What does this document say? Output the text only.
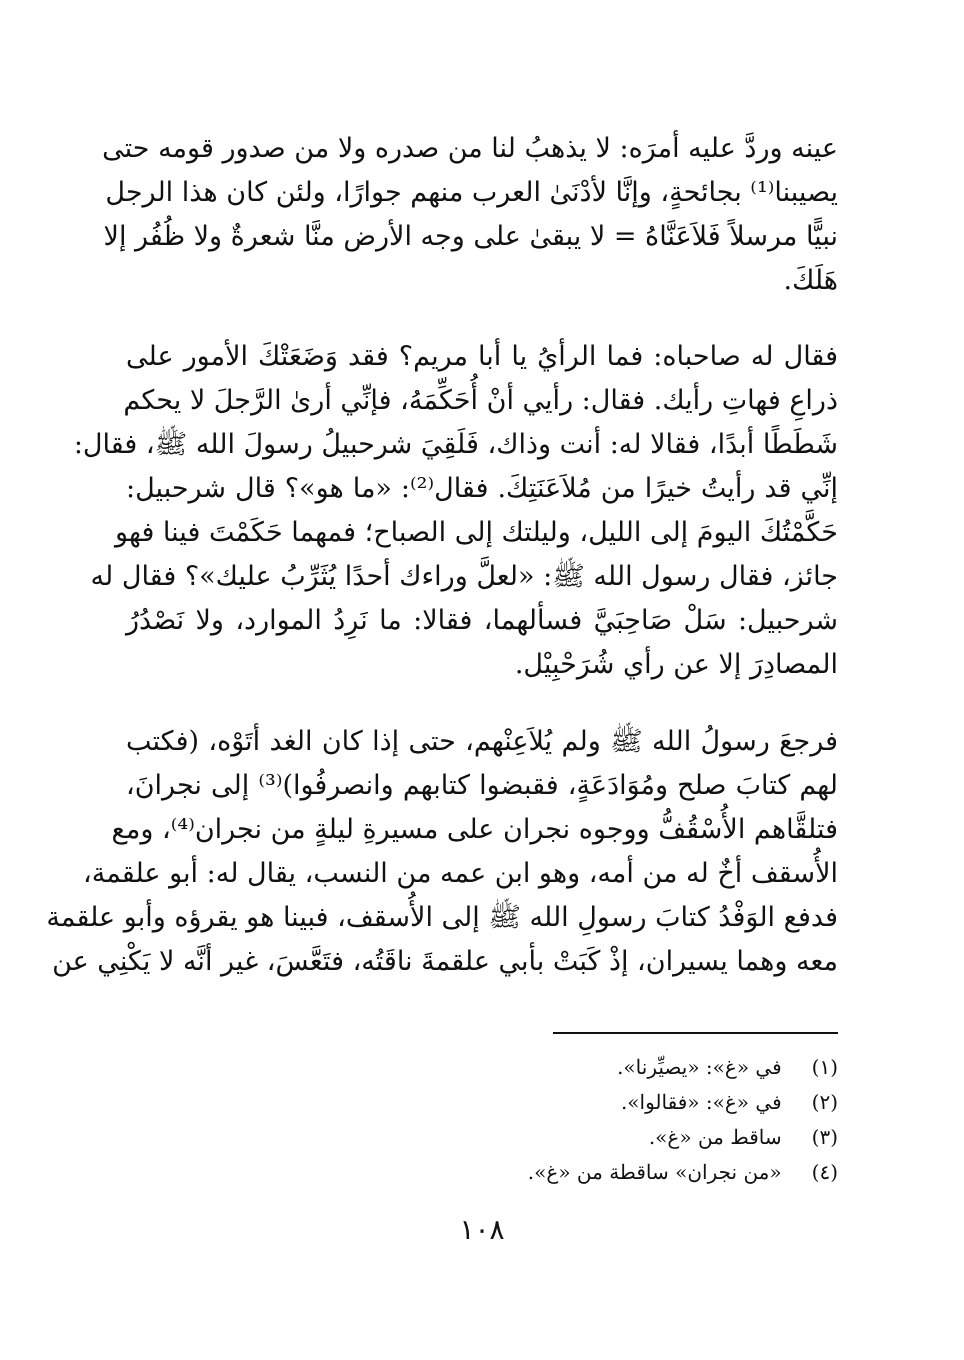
عينه وردَّ عليه أمرَه: لا يذهبُ لنا من صدره ولا من صدور قومه حتى
يصيبنا⁽¹⁾ بجائحةٍ، وإنَّا لأدْنَىٰ العرب منهم جوارًا، ولئن كان هذا الرجل
نبيًّا مرسلاً فَلاَعَنَّاهُ = لا يبقىٰ على وجه الأرض منَّا شعرةٌ ولا ظُفُر إلا
هَلَكَ.
فقال له صاحباه: فما الرأيُ يا أبا مريم؟ فقد وَضَعَتْكَ الأمور على
ذراعِ فهاتِ رأيك. فقال: رأيي أنْ أُحَكِّمَهُ، فإنِّي أرىٰ الرَّجلَ لا يحكم
شَطَطًا أبدًا، فقالا له: أنت وذاك، فَلَقِيَ شرحبيلُ رسولَ الله ﷺ، فقال:
إنِّي قد رأيتُ خيرًا من مُلاَعَنَتِكَ. فقال⁽²⁾: «ما هو»؟ قال شرحبيل:
حَكَّمْتُكَ اليومَ إلى الليل، وليلتك إلى الصباح؛ فمهما حَكَمْتَ فينا فهو
جائز، فقال رسول الله ﷺ: «لعلَّ وراءك أحدًا يُثَرِّبُ عليك»؟ فقال له
شرحبيل: سَلْ صَاحِبَيَّ فسألهما، فقالا: ما نَرِدُ الموارد، ولا نَصْدُرُ
المصادِرَ إلا عن رأي شُرَحْبِيْل.
فرجعَ رسولُ الله ﷺ ولم يُلاَعِنْهم، حتى إذا كان الغد أتَوْه، (فكتب
لهم كتابَ صلح ومُوَادَعَةٍ، فقبضوا كتابهم وانصرفُوا)⁽³⁾ إلى نجرانَ،
فتلقَّاهم الأُسْقُفُّ ووجوه نجران على مسيرةِ ليلةٍ من نجران⁽⁴⁾، ومع
الأُسقف أخٌ له من أمه، وهو ابن عمه من النسب، يقال له: أبو علقمة،
فدفع الوَفْدُ كتابَ رسولِ الله ﷺ إلى الأُسقف، فبينا هو يقرؤه وأبو علقمة
معه وهما يسيران، إذْ كَبَتْ بأبي علقمةَ ناقَتُه، فتَعَّسَ، غير أنَّه لا يَكْنِي عن
(١) في «غ»: «يصيِّرنا».
(٢) في «غ»: «فقالوا».
(٣) ساقط من «غ».
(٤) «من نجران» ساقطة من «غ».
١٠٨
